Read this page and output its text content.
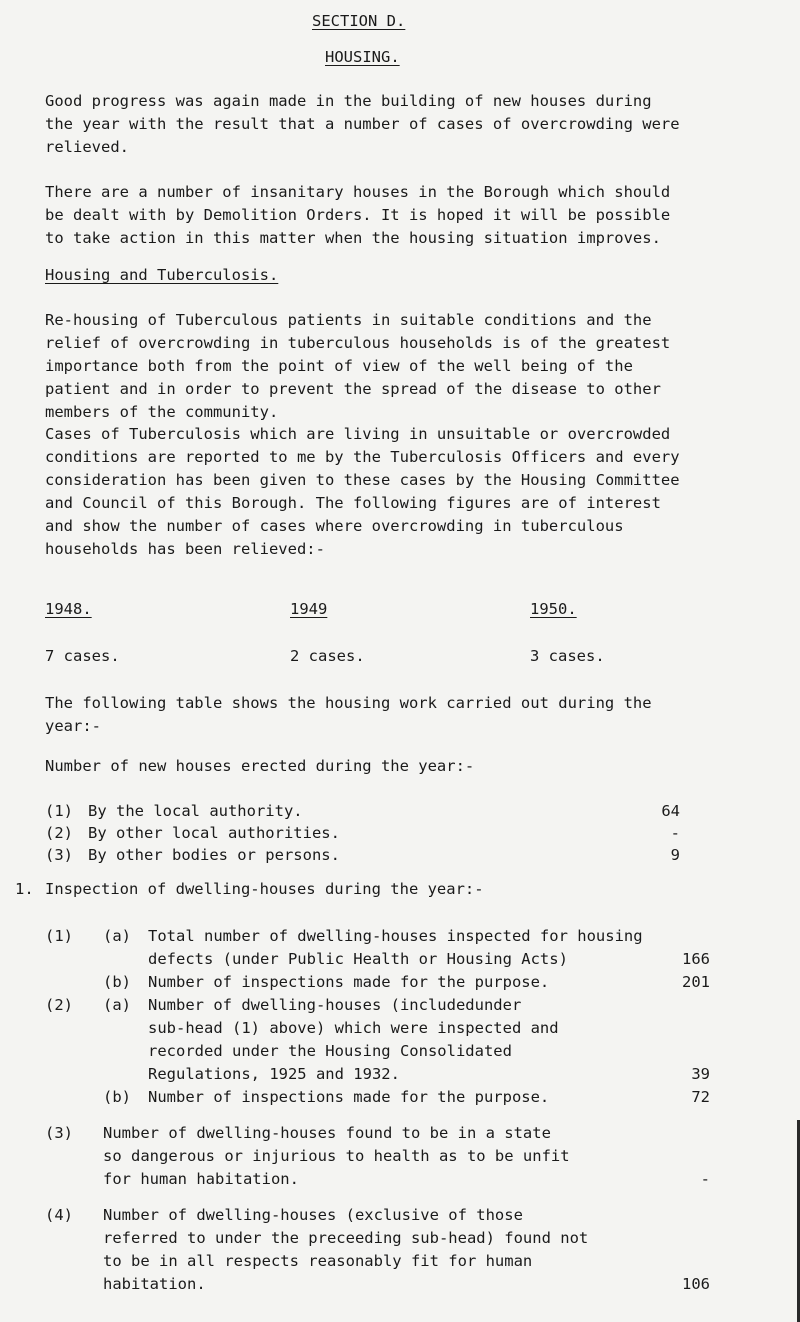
SECTION D.
HOUSING.

Good progress was again made in the building of new houses during
the year with the result that a number of cases of overcrowding were
relieved.

There are a number of insanitary houses in the Borough which should
be dealt with by Demolition Orders. It is hoped it will be possible
to take action in this matter when the housing situation improves.

Housing and Tuberculosis.

Re-housing of Tuberculous patients in suitable conditions and the
relief of overcrowding in tuberculous households is of the greatest
importance both from the point of view of the well being of the
patient and in order to prevent the spread of the disease to other
members of the community.

Cases of Tuberculosis which are living in unsuitable or overcrowded
conditions are reported to me by the Tuberculosis Officers and every
consideration has been given to these cases by the Housing Committee
and Council of this Borough. The following figures are of interest
and show the number of cases where overcrowding in tuberculous
households has been relieved:-

1948.	1949	1950.
7 cases.	2 cases.	3 cases.

The following table shows the housing work carried out during the
year:-

Number of new houses erected during the year:-
(1) By the local authority.	64
(2) By other local authorities.	-
(3) By other bodies or persons.	9
1. Inspection of dwelling-houses during the year:-
(1) (a) Total number of dwelling-houses inspected for housing
defects (under Public Health or Housing Acts)	166
(b) Number of inspections made for the purpose.	201
(2) (a) Number of dwelling-houses (includedunder
sub-head (1) above) which were inspected and
recorded under the Housing Consolidated
Regulations, 1925 and 1932.	39
(b) Number of inspections made for the purpose.	72
(3) Number of dwelling-houses found to be in a state
so dangerous or injurious to health as to be unfit
for human habitation.	-
(4) Number of dwelling-houses (exclusive of those
referred to under the preceeding sub-head) found not
to be in all respects reasonably fit for human
habitation.	106
